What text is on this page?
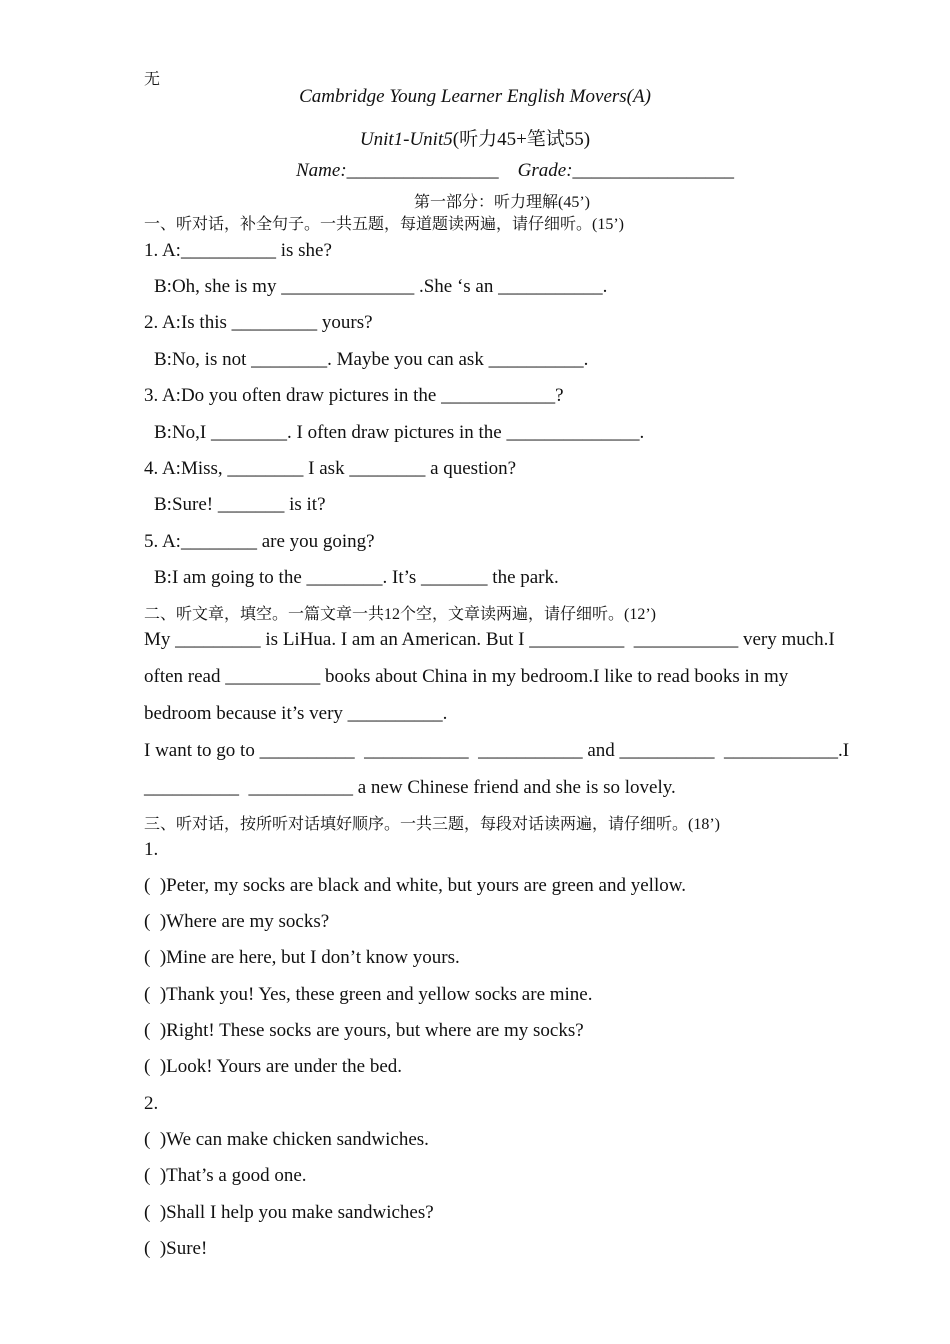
无
Cambridge Young Learner English Movers(A)
Unit1-Unit5(听力45+笔试55)
Name:________________    Grade:_________________
第一部分：听力理解(45’)
一、听对话，补全句子。一共五题，每道题读两遍，请仔细听。(15’)
1. A:__________ is she?
B:Oh, she is my ______________ .She ‘s an ___________.
2. A:Is this _________ yours?
B:No, is not ________. Maybe you can ask __________.
3. A:Do you often draw pictures in the ____________?
B:No,I ________. I often draw pictures in the ______________.
4. A:Miss, ________ I ask ________ a question?
B:Sure! _______ is it?
5. A:________ are you going?
B:I am going to the ________. It’s _______ the park.
二、听文章，填空。一篇文章一共12个空，文章读两遍，请仔细听。(12’)
My _________ is LiHua. I am an American. But I __________  ___________ very much.I
often read __________ books about China in my bedroom.I like to read books in my
bedroom because it’s very __________.
I want to go to __________  ___________  ___________ and __________  ____________.I
__________  ___________ a new Chinese friend and she is so lovely.
三、听对话，按所听对话填好顺序。一共三题，每段对话读两遍，请仔细听。(18’)
1.
(  )Peter, my socks are black and white, but yours are green and yellow.
(  )Where are my socks?
(  )Mine are here, but I don’t know yours.
(  )Thank you! Yes, these green and yellow socks are mine.
(  )Right! These socks are yours, but where are my socks?
(  )Look! Yours are under the bed.
2.
(  )We can make chicken sandwiches.
(  )That’s a good one.
(  )Shall I help you make sandwiches?
(  )Sure!
